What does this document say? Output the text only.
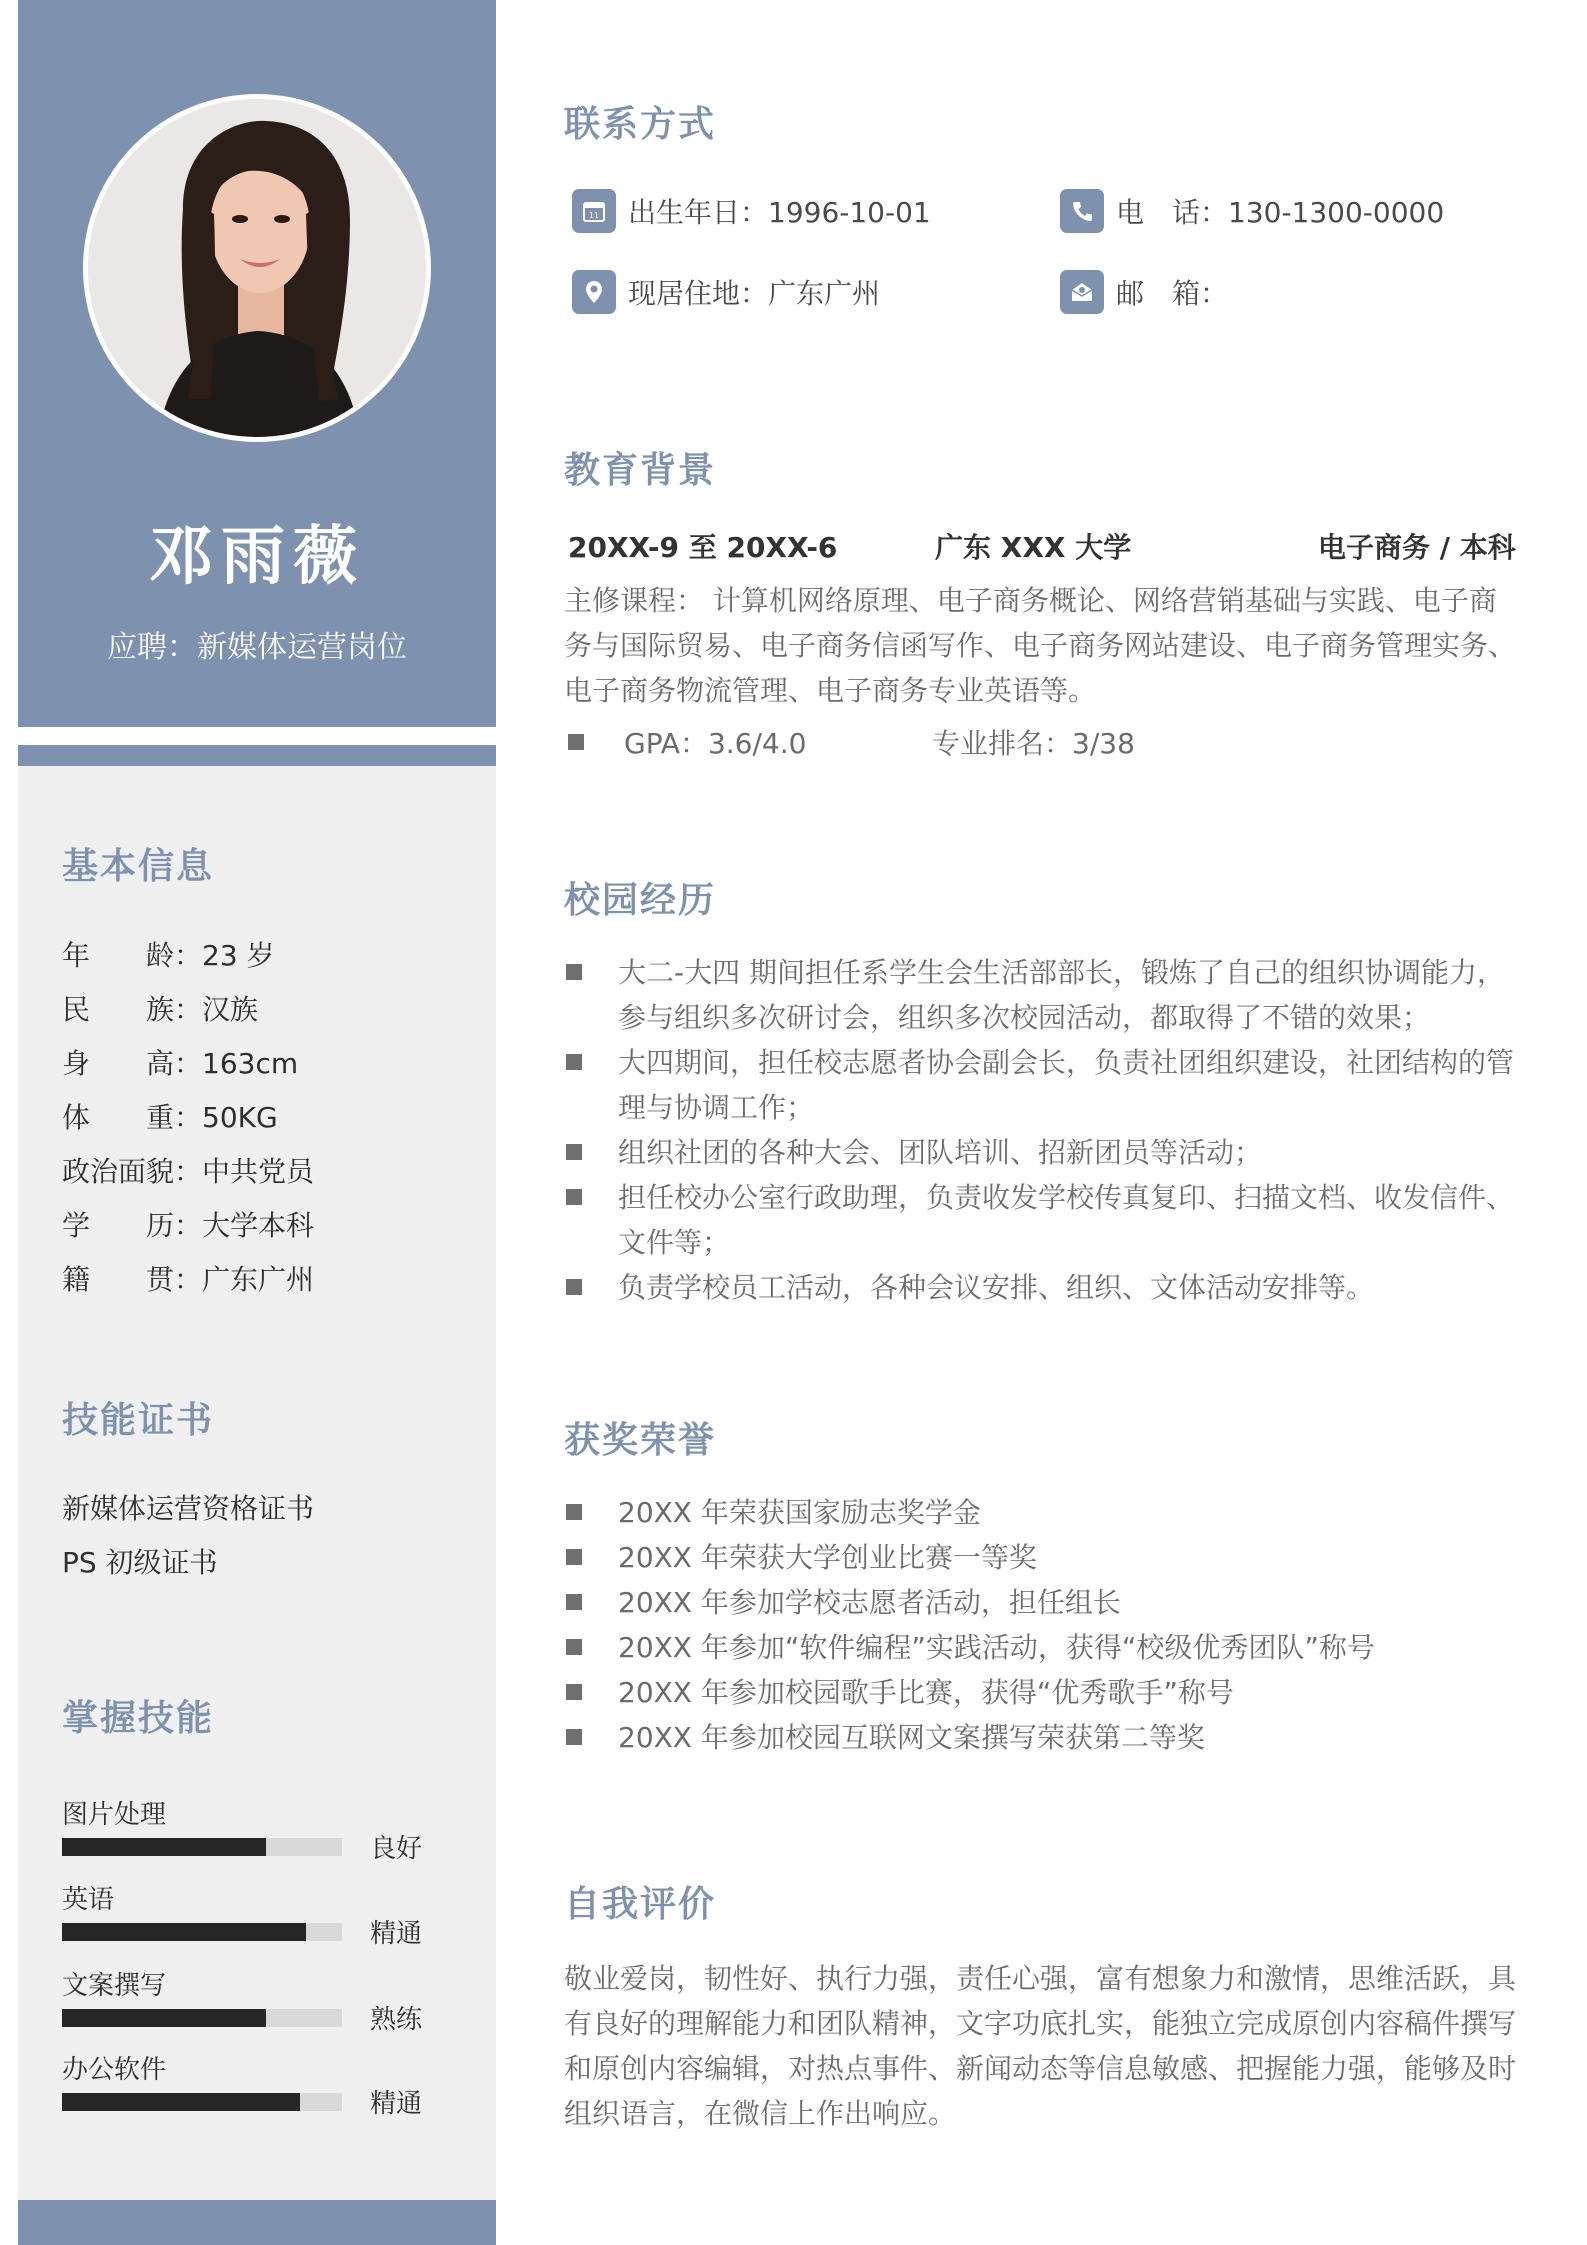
邓雨薇
应聘：新媒体运营岗位
基本信息
年　　龄：23 岁
民　　族：汉族
身　　高：163cm
体　　重：50KG
政治面貌：中共党员
学　　历：大学本科
籍　　贯：广东广州
技能证书
新媒体运营资格证书
PS 初级证书
掌握技能
图片处理
良好
英语
精通
文案撰写
熟练
办公软件
精通
联系方式
11 出生年日：1996-10-01	电　话：130-1300-0000
现居住地：广东广州	邮　箱：
教育背景
20XX-9 至 20XX-6	广东 XXX 大学	电子商务 / 本科
主修课程： 计算机网络原理、电子商务概论、网络营销基础与实践、电子商务与国际贸易、电子商务信函写作、电子商务网站建设、电子商务管理实务、电子商务物流管理、电子商务专业英语等。
GPA：3.6/4.0	专业排名：3/38
校园经历
大二-大四 期间担任系学生会生活部部长，锻炼了自己的组织协调能力，参与组织多次研讨会，组织多次校园活动，都取得了不错的效果；
大四期间，担任校志愿者协会副会长，负责社团组织建设，社团结构的管理与协调工作；
组织社团的各种大会、团队培训、招新团员等活动；
担任校办公室行政助理，负责收发学校传真复印、扫描文档、收发信件、文件等；
负责学校员工活动，各种会议安排、组织、文体活动安排等。
获奖荣誉
20XX 年荣获国家励志奖学金
20XX 年荣获大学创业比赛一等奖
20XX 年参加学校志愿者活动，担任组长
20XX 年参加“软件编程”实践活动，获得“校级优秀团队”称号
20XX 年参加校园歌手比赛，获得“优秀歌手”称号
20XX 年参加校园互联网文案撰写荣获第二等奖
自我评价
敬业爱岗，韧性好、执行力强，责任心强，富有想象力和激情，思维活跃，具有良好的理解能力和团队精神，文字功底扎实，能独立完成原创内容稿件撰写和原创内容编辑，对热点事件、新闻动态等信息敏感、把握能力强，能够及时组织语言，在微信上作出响应。
